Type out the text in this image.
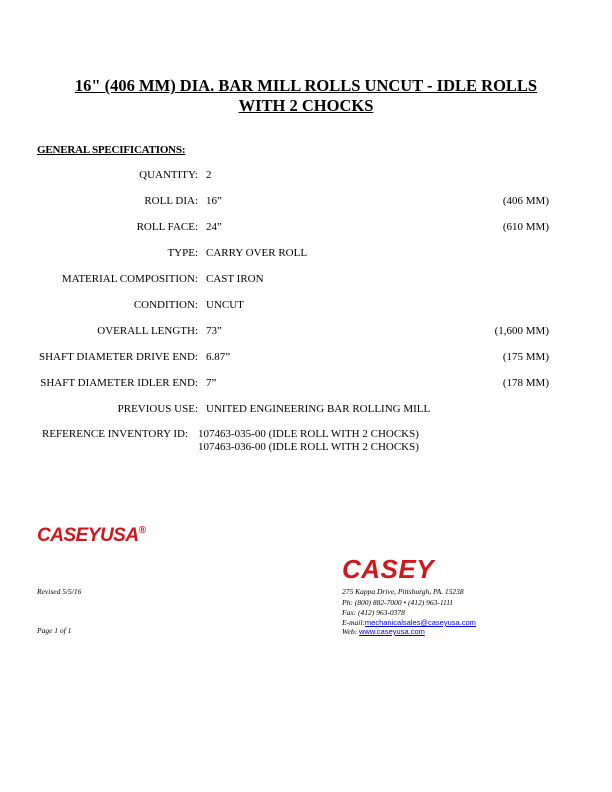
16" (406 MM) DIA. BAR MILL ROLLS UNCUT - IDLE ROLLS
WITH 2 CHOCKS
GENERAL SPECIFICATIONS:
QUANTITY: 2
ROLL DIA: 16”	(406 MM)
ROLL FACE: 24”	(610 MM)
TYPE: CARRY OVER ROLL
MATERIAL COMPOSITION: CAST IRON
CONDITION: UNCUT
OVERALL LENGTH: 73”	(1,600 MM)
SHAFT DIAMETER DRIVE END: 6.87”	(175 MM)
SHAFT DIAMETER IDLER END: 7”	(178 MM)
PREVIOUS USE: UNITED ENGINEERING BAR ROLLING MILL
REFERENCE INVENTORY ID: 107463-035-00 (IDLE ROLL WITH 2 CHOCKS)
107463-036-00 (IDLE ROLL WITH 2 CHOCKS)
CASEYUSA®
CASEY
Revised 5/5/16
Page 1 of 1
275 Kappa Drive, Pittsburgh, PA. 15238
Ph: (800) 882-7000 • (412) 963-1111
Fax: (412) 963-0378
E-mail:mechanicalsales@caseyusa.com
Web: www.caseyusa.com
